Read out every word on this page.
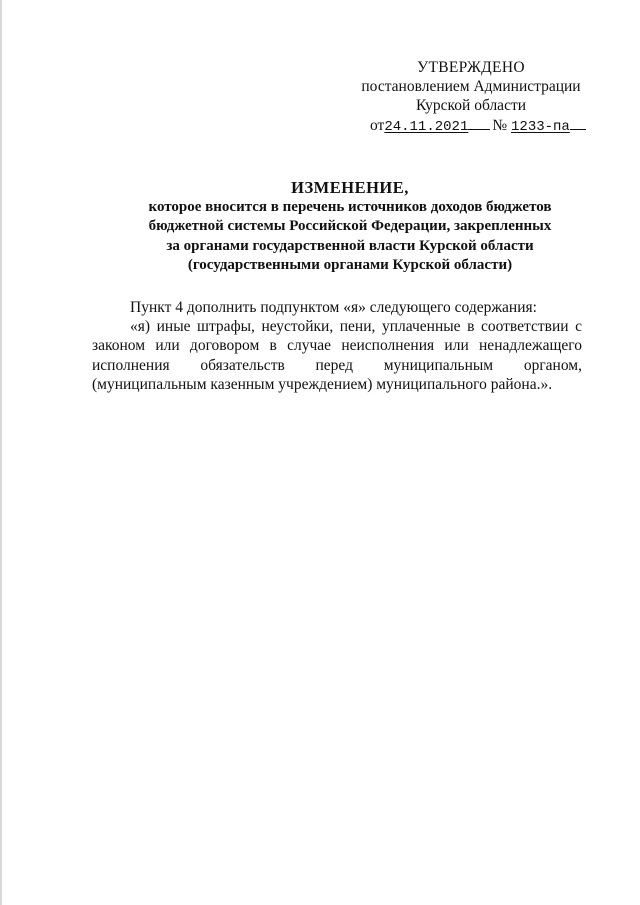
УТВЕРЖДЕНО
постановлением Администрации
Курской области
от24.11.2021 № 1233-па
ИЗМЕНЕНИЕ,
которое вносится в перечень источников доходов бюджетов
бюджетной системы Российской Федерации, закрепленных
за органами государственной власти Курской области
(государственными органами Курской области)

Пункт 4 дополнить подпунктом «я» следующего содержания:

«я) иные штрафы, неустойки, пени, уплаченные в соответствии с законом или договором в случае неисполнения или ненадлежащего исполнения обязательств перед муниципальным органом, (муниципальным казенным учреждением) муниципального района.».
